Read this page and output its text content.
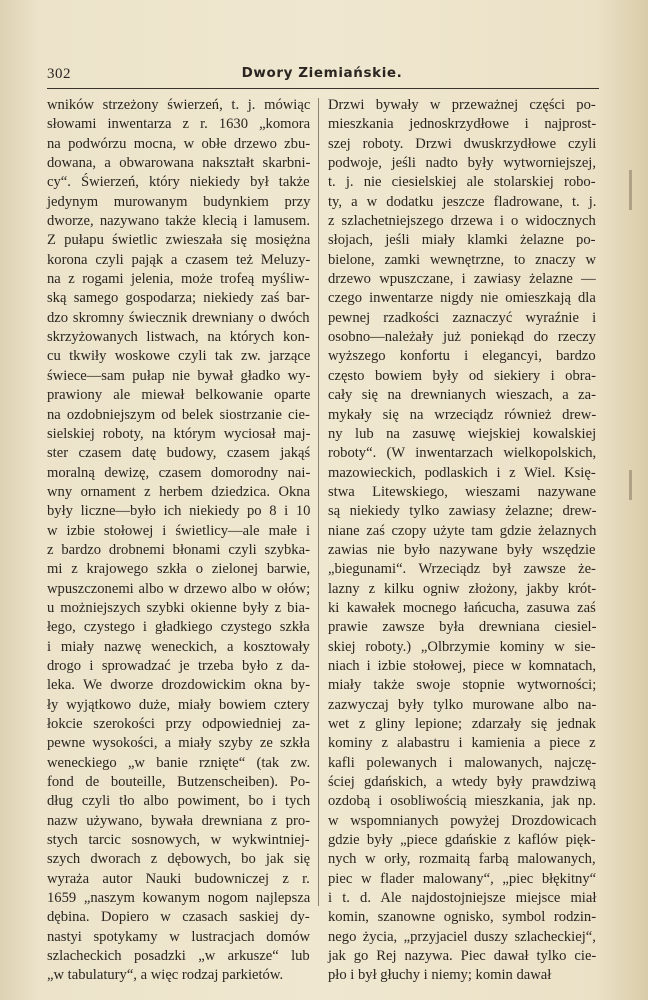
302	Dwory Ziemiańskie.
wników strzeżony świerzeń, t. j. mówiąc
słowami inwentarza z r. 1630 „komora
na podwórzu mocna, w obłe drzewo zbu-
dowana, a obwarowana nakształt skarbni-
cy“. Świerzeń, który niekiedy był także
jedynym murowanym budynkiem przy
dworze, nazywano także klecią i lamusem.
Z pułapu świetlic zwieszała się mosiężna
korona czyli pająk a czasem też Meluzy-
na z rogami jelenia, może trofeą myśliw-
ską samego gospodarza; niekiedy zaś bar-
dzo skromny świecznik drewniany o dwóch
skrzyżowanych listwach, na których kon-
cu tkwiły woskowe czyli tak zw. jarzące
świece—sam pułap nie bywał gładko wy-
prawiony ale miewał belkowanie oparte
na ozdobniejszym od belek siostrzanie cie-
sielskiej roboty, na którym wyciosał maj-
ster czasem datę budowy, czasem jakąś
moralną dewizę, czasem domorodny nai-
wny ornament z herbem dziedzica. Okna
były liczne—było ich niekiedy po 8 i 10
w izbie stołowej i świetlicy—ale małe i
z bardzo drobnemi błonami czyli szybka-
mi z krajowego szkła o zielonej barwie,
wpuszczonemi albo w drzewo albo w ołów;
u możniejszych szybki okienne były z bia-
łego, czystego i gładkiego czystego szkła
i miały nazwę weneckich, a kosztowały
drogo i sprowadzać je trzeba było z da-
leka. We dworze drozdowickim okna by-
ły wyjątkowo duże, miały bowiem cztery
łokcie szerokości przy odpowiedniej za-
pewne wysokości, a miały szyby ze szkła
weneckiego „w banie rznięte“ (tak zw.
fond de bouteille, Butzenscheiben). Po-
dług czyli tło albo powiment, bo i tych
nazw używano, bywała drewniana z pro-
stych tarcic sosnowych, w wykwintniej-
szych dworach z dębowych, bo jak się
wyraża autor Nauki budowniczej z r.
1659 „naszym kowanym nogom najlepsza
dębina. Dopiero w czasach saskiej dy-
nastyi spotykamy w lustracjach domów
szlacheckich posadzki „w arkusze“ lub
„w tabulatury“, a więc rodzaj parkietów.
Drzwi bywały w przeważnej części po-
mieszkania jednoskrzydłowe i najprost-
szej roboty. Drzwi dwuskrzydłowe czyli
podwoje, jeśli nadto były wytworniejszej,
t. j. nie ciesielskiej ale stolarskiej robo-
ty, a w dodatku jeszcze fladrowane, t. j.
z szlachetniejszego drzewa i o widocznych
słojach, jeśli miały klamki żelazne po-
bielone, zamki wewnętrzne, to znaczy w
drzewo wpuszczane, i zawiasy żelazne —
czego inwentarze nigdy nie omieszkają dla
pewnej rzadkości zaznaczyć wyraźnie i
osobno—należały już poniekąd do rzeczy
wyższego konfortu i elegancyi, bardzo
często bowiem były od siekiery i obra-
cały się na drewnianych wieszach, a za-
mykały się na wrzeciądz również drew-
ny lub na zasuwę wiejskiej kowalskiej
roboty“. (W inwentarzach wielkopolskich,
mazowieckich, podlaskich i z Wiel. Księ-
stwa Litewskiego, wieszami nazywane
są niekiedy tylko zawiasy żelazne; drew-
niane zaś czopy użyte tam gdzie żelaznych
zawias nie było nazywane były wszędzie
„biegunami“. Wrzeciądz był zawsze że-
lazny z kilku ogniw złożony, jakby krót-
ki kawałek mocnego łańcucha, zasuwa zaś
prawie zawsze była drewniana ciesiel-
skiej roboty.) „Olbrzymie kominy w sie-
niach i izbie stołowej, piece w komnatach,
miały także swoje stopnie wytworności;
zazwyczaj były tylko murowane albo na-
wet z gliny lepione; zdarzały się jednak
kominy z alabastru i kamienia a piece z
kafli polewanych i malowanych, najczę-
ściej gdańskich, a wtedy były prawdziwą
ozdobą i osobliwością mieszkania, jak np.
w wspomnianych powyżej Drozdowicach
gdzie były „piece gdańskie z kaflów pięk-
nych w orły, rozmaitą farbą malowanych,
piec w flader malowany“, „piec błękitny“
i t. d. Ale najdostojniejsze miejsce miał
komin, szanowne ognisko, symbol rodzin-
nego życia, „przyjaciel duszy szlacheckiej“,
jak go Rej nazywa. Piec dawał tylko cie-
pło i był głuchy i niemy; komin dawał
